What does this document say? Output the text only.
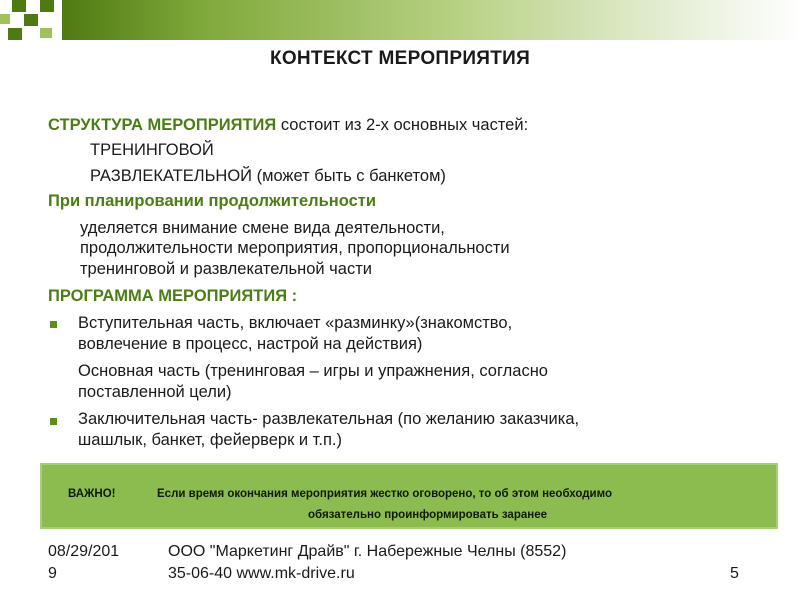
КОНТЕКСТ МЕРОПРИЯТИЯ
СТРУКТУРА МЕРОПРИЯТИЯ состоит из 2-х основных частей:
ТРЕНИНГОВОЙ
РАЗВЛЕКАТЕЛЬНОЙ (может быть с банкетом)
При планировании продолжительности
уделяется внимание смене вида деятельности,
продолжительности мероприятия, пропорциональности
тренинговой и развлекательной части
ПРОГРАММА МЕРОПРИЯТИЯ :
Вступительная часть, включает «разминку»(знакомство,
вовлечение в процесс, настрой на действия)
Основная часть (тренинговая – игры и упражнения, согласно
поставленной цели)
Заключительная часть- развлекательная (по желанию заказчика,
шашлык, банкет, фейерверк и т.п.)
ВАЖНО!	Если время окончания мероприятия жестко оговорено, то об этом необходимо
обязательно проинформировать заранее
08/29/201
9
ООО "Маркетинг Драйв" г. Набережные Челны (8552)
35-06-40 www.mk-drive.ru	5
